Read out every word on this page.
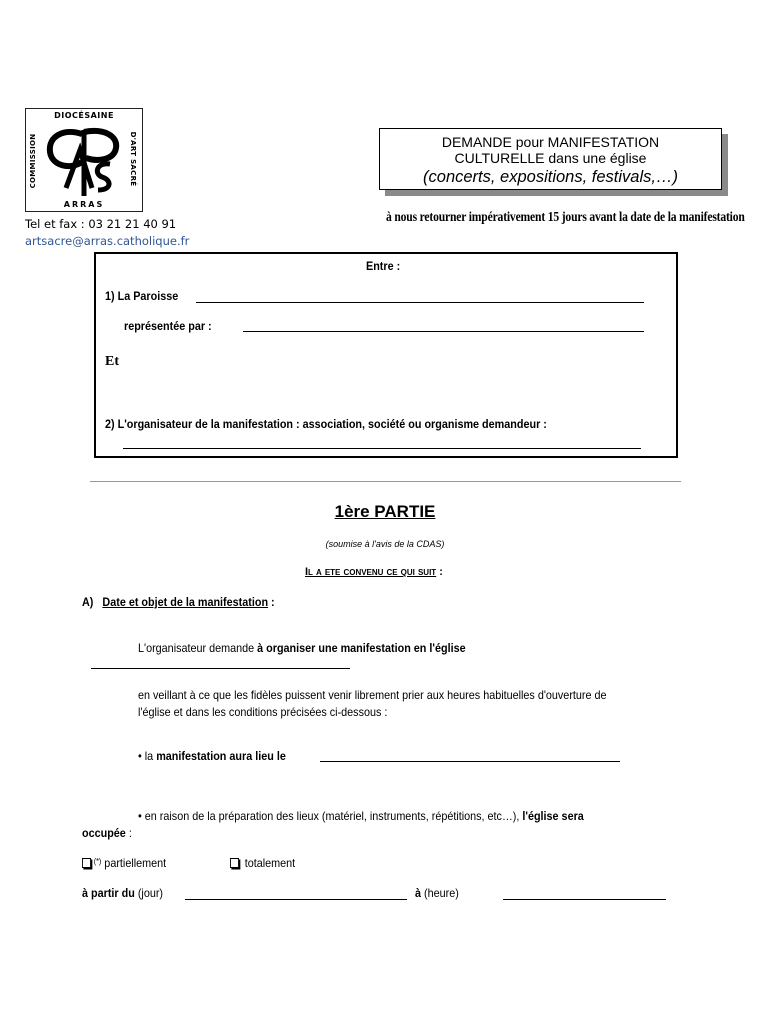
DIOCÉSAINE
COMMISSION	D'ART SACRÉ
ARRAS
Tel et fax : 03 21 21 40 91
artsacre@arras.catholique.fr
DEMANDE pour MANIFESTATION
CULTURELLE dans une église
(concerts, expositions, festivals,…)
à nous retourner impérativement 15 jours avant la date de la manifestation
Entre :
1) La Paroisse
représentée par :
Et
2) L'organisateur de la manifestation : association, société ou organisme demandeur :
1ère PARTIE
(soumise à l'avis de la CDAS)
Il a ete convenu ce qui suit :
A) Date et objet de la manifestation :
L'organisateur demande à organiser une manifestation en l'église
en veillant à ce que les fidèles puissent venir librement prier aux heures habituelles d'ouverture de
l'église et dans les conditions précisées ci-dessous :
• la manifestation aura lieu le
• en raison de la préparation des lieux (matériel, instruments, répétitions, etc…), l'église sera
occupée :
(*) partiellement	totalement
à partir du (jour)	à (heure)
